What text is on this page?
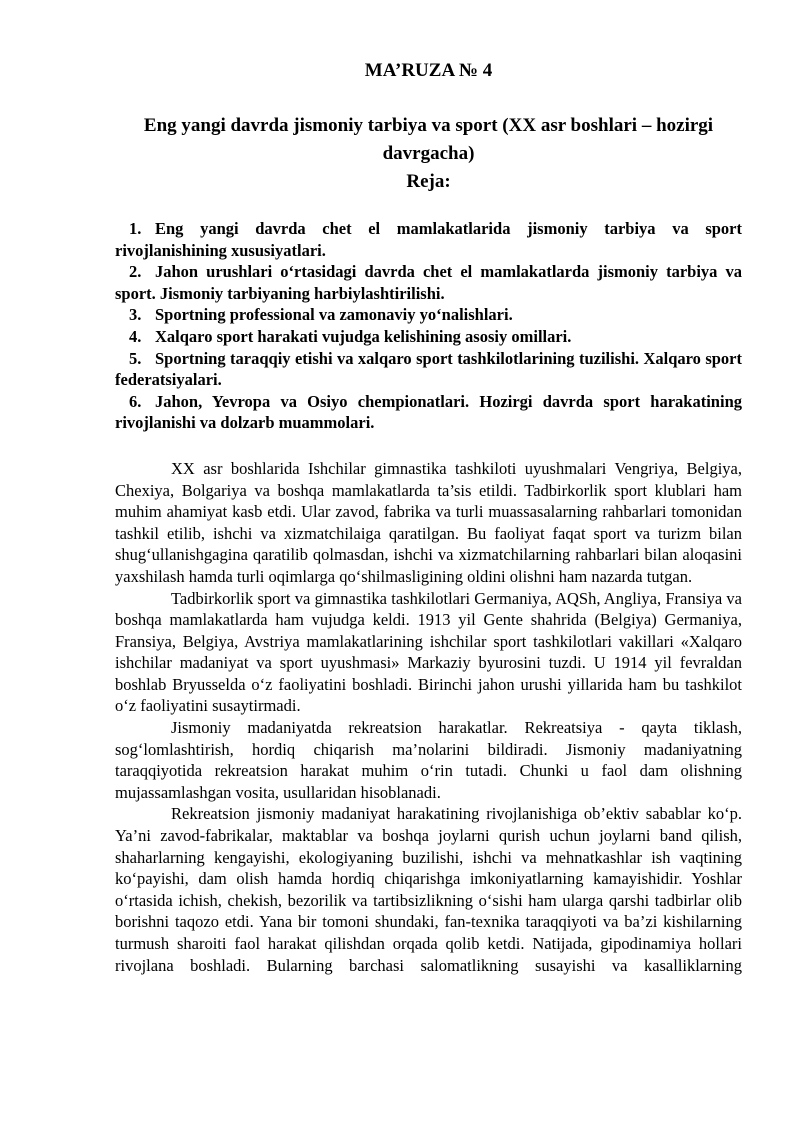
MA’RUZA № 4
Eng yangi davrda jismoniy tarbiya va sport (XX asr boshlari – hozirgi davrgacha)
Reja:
1. Eng yangi davrda chet el mamlakatlarida jismoniy tarbiya va sport rivojlanishining xususiyatlari.
2. Jahon urushlari o‘rtasidagi davrda chet el mamlakatlarda jismoniy tarbiya va sport. Jismoniy tarbiyaning harbiylashtirilishi.
3. Sportning professional va zamonaviy yo‘nalishlari.
4. Xalqaro sport harakati vujudga kelishining asosiy omillari.
5. Sportning taraqqiy etishi va xalqaro sport tashkilotlarining tuzilishi. Xalqaro sport federatsiyalari.
6. Jahon, Yevropa va Osiyo chempionatlari. Hozirgi davrda sport harakatining rivojlanishi va dolzarb muammolari.

XX asr boshlarida Ishchilar gimnastika tashkiloti uyushmalari Vengriya, Belgiya, Chexiya, Bolgariya va boshqa mamlakatlarda ta’sis etildi. Tadbirkorlik sport klublari ham muhim ahamiyat kasb etdi. Ular zavod, fabrika va turli muassasalarning rahbarlari tomonidan tashkil etilib, ishchi va xizmatchilaiga qaratilgan. Bu faoliyat faqat sport va turizm bilan shug‘ullanishgagina qaratilib qolmasdan, ishchi va xizmatchilarning rahbarlari bilan aloqasini yaxshilash hamda turli oqimlarga qo‘shilmasligining oldini olishni ham nazarda tutgan.

Tadbirkorlik sport va gimnastika tashkilotlari Germaniya, AQSh, Angliya, Fransiya va boshqa mamlakatlarda ham vujudga keldi. 1913 yil Gente shahrida (Belgiya) Germaniya, Fransiya, Belgiya, Avstriya mamlakatlarining ishchilar sport tashkilotlari vakillari «Xalqaro ishchilar madaniyat va sport uyushmasi» Markaziy byurosini tuzdi. U 1914 yil fevraldan boshlab Bryusselda o‘z faoliyatini boshladi. Birinchi jahon urushi yillarida ham bu tashkilot o‘z faoliyatini susaytirmadi.

Jismoniy madaniyatda rekreatsion harakatlar. Rekreatsiya - qayta tiklash, sog‘lomlashtirish, hordiq chiqarish ma’nolarini bildiradi. Jismoniy madaniyatning taraqqiyotida rekreatsion harakat muhim o‘rin tutadi. Chunki u faol dam olishning mujassamlashgan vosita, usullaridan hisoblanadi.

Rekreatsion jismoniy madaniyat harakatining rivojlanishiga ob’ektiv sabablar ko‘p. Ya’ni zavod-fabrikalar, maktablar va boshqa joylarni qurish uchun joylarni band qilish, shaharlarning kengayishi, ekologiyaning buzilishi, ishchi va mehnatkashlar ish vaqtining ko‘payishi, dam olish hamda hordiq chiqarishga imkoniyatlarning kamayishidir. Yoshlar o‘rtasida ichish, chekish, bezorilik va tartibsizlikning o‘sishi ham ularga qarshi tadbirlar olib borishni taqozo etdi. Yana bir tomoni shundaki, fan-texnika taraqqiyoti va ba’zi kishilarning turmush sharoiti faol harakat qilishdan orqada qolib ketdi. Natijada, gipodinamiya hollari rivojlana boshladi. Bularning barchasi salomatlikning susayishi va kasalliklarning
